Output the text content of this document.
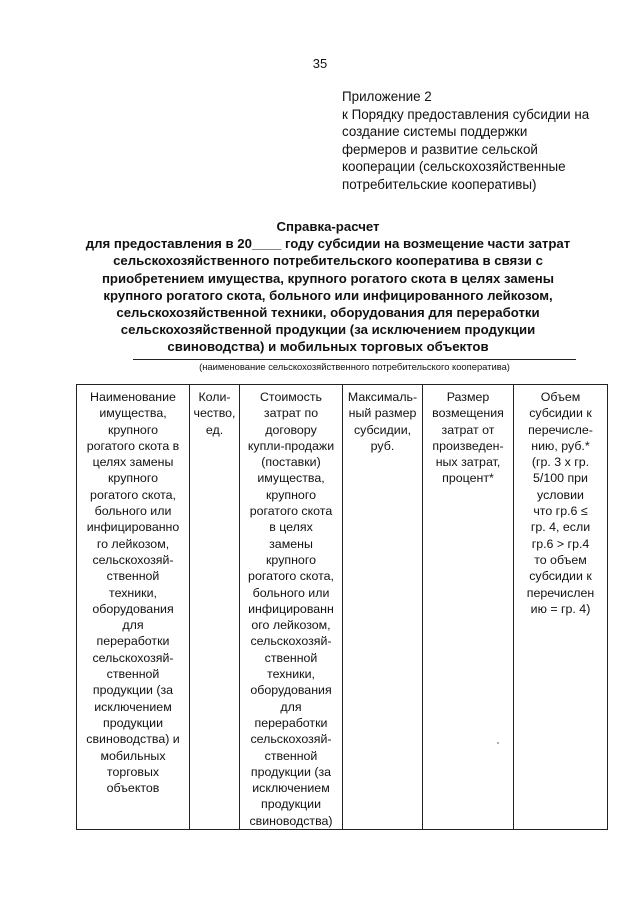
35
Приложение 2
к Порядку предоставления субсидии на
создание системы поддержки
фермеров и развитие сельской
кооперации (сельскохозяйственные
потребительские кооперативы)
Справка-расчет
для предоставления в 20____ году субсидии на возмещение части затрат
сельскохозяйственного потребительского кооператива в связи с
приобретением имущества, крупного рогатого скота в целях замены
крупного рогатого скота, больного или инфицированного лейкозом,
сельскохозяйственной техники, оборудования для переработки
сельскохозяйственной продукции (за исключением продукции
свиноводства) и мобильных торговых объектов
(наименование сельскохозяйственного потребительского кооператива)
Наименование
имущества,
крупного
рогатого скота в
целях замены
крупного
рогатого скота,
больного или
инфицированно
го лейкозом,
сельскохозяй-
ственной
техники,
оборудования
для
переработки
сельскохозяй-
ственной
продукции (за
исключением
продукции
свиноводства) и
мобильных
торговых
объектов

Коли-
чество,
ед.

Стоимость
затрат по
договору
купли-продажи
(поставки)
имущества,
крупного
рогатого скота
в целях
замены
крупного
рогатого скота,
больного или
инфицированн
ого лейкозом,
сельскохозяй-
ственной
техники,
оборудования
для
переработки
сельскохозяй-
ственной
продукции (за
исключением
продукции
свиноводства)

Максималь-
ный размер
субсидии,
руб.

Размер
возмещения
затрат от
произведен-
ных затрат,
процент*

Объем
субсидии к
перечисле-
нию, руб.*
(гр. 3 х гр.
5/100 при
условии
что гр.6 ≤
гр. 4, если
гр.6 > гр.4
то объем
субсидии к
перечислен
ию = гр. 4)
